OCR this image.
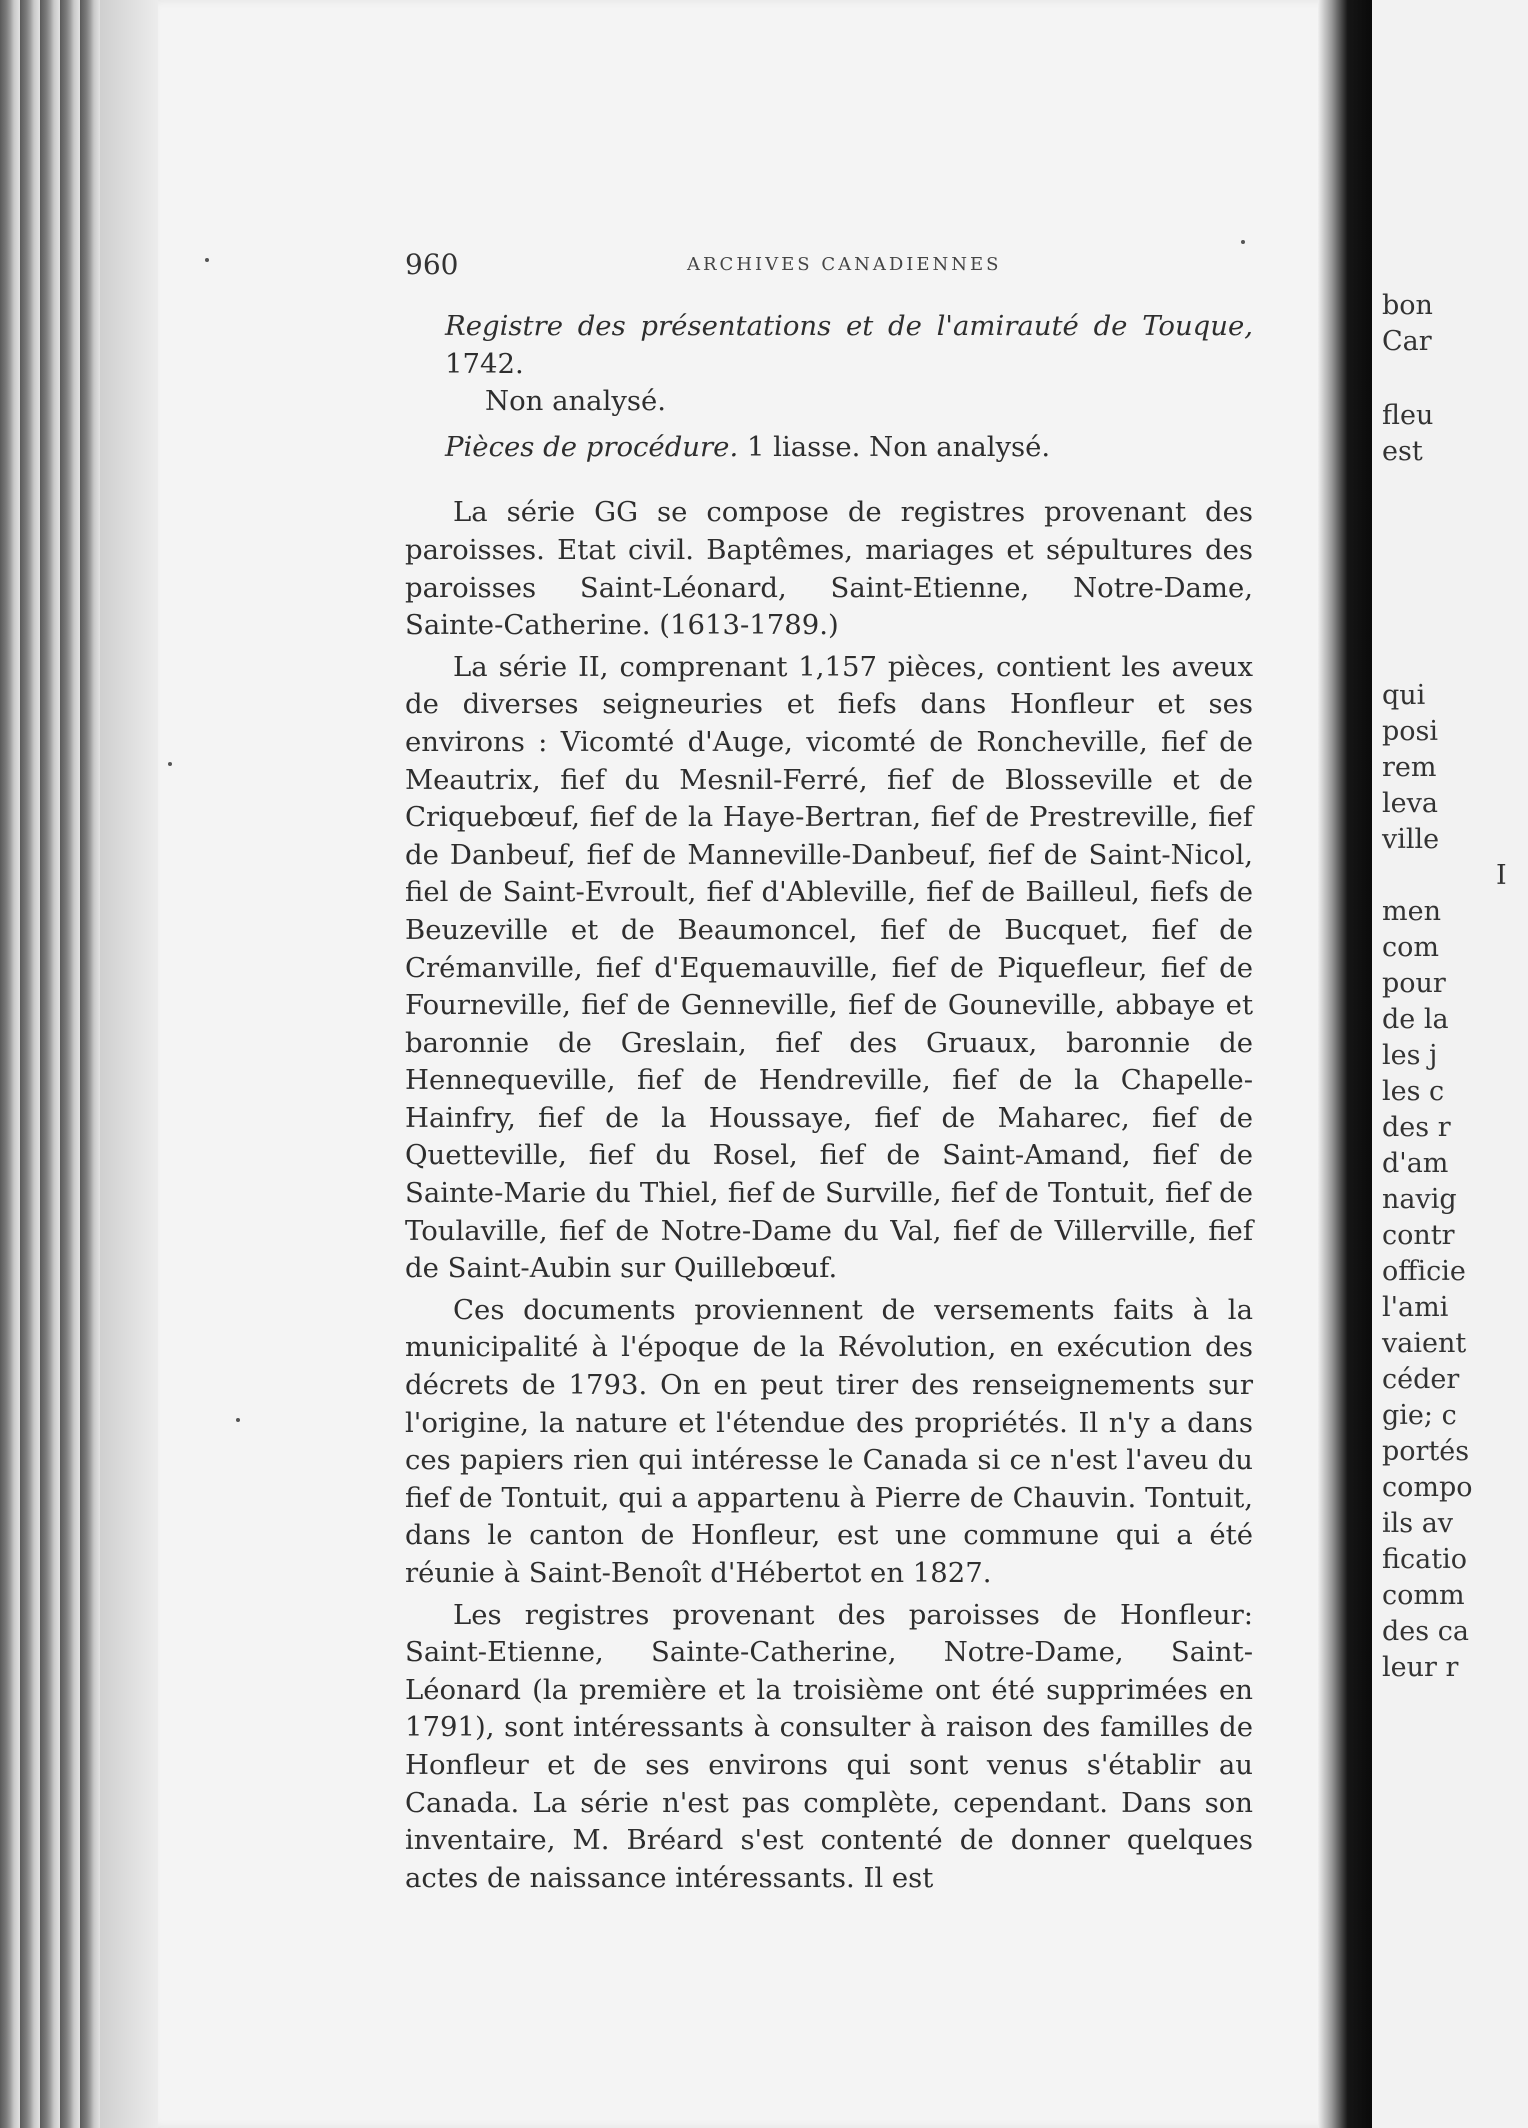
bon
Car
fleu
est
qui
posi
rem
leva
ville
I
men
com
pour
de la
les j
les c
des r
d'am
navig
contr
officie
l'ami
vaient
céder
gie; c
portés
compo
ils av
ficatio
comm
des ca
leur r
960	ARCHIVES CANADIENNES

Registre des présentations et de l'amirauté de Touque, 1742.
Non analysé.

Pièces de procédure. 1 liasse. Non analysé.

La série GG se compose de registres provenant des paroisses. Etat civil. Baptêmes, mariages et sépultures des paroisses Saint-Léonard, Saint-Etienne, Notre-Dame, Sainte-Catherine. (1613-1789.)

La série II, comprenant 1,157 pièces, contient les aveux de diverses seigneuries et fiefs dans Honfleur et ses environs : Vicomté d'Auge, vicomté de Roncheville, fief de Meautrix, fief du Mesnil-Ferré, fief de Blosseville et de Criquebœuf, fief de la Haye-Bertran, fief de Prestreville, fief de Danbeuf, fief de Manneville-Danbeuf, fief de Saint-Nicol, fiel de Saint-Evroult, fief d'Ableville, fief de Bailleul, fiefs de Beuzeville et de Beaumoncel, fief de Bucquet, fief de Crémanville, fief d'Equemauville, fief de Piquefleur, fief de Fourneville, fief de Genneville, fief de Gouneville, abbaye et baronnie de Greslain, fief des Gruaux, baronnie de Hennequeville, fief de Hendreville, fief de la Chapelle-Hainfry, fief de la Houssaye, fief de Maharec, fief de Quetteville, fief du Rosel, fief de Saint-Amand, fief de Sainte-Marie du Thiel, fief de Surville, fief de Tontuit, fief de Toulaville, fief de Notre-Dame du Val, fief de Villerville, fief de Saint-Aubin sur Quillebœuf.

Ces documents proviennent de versements faits à la municipalité à l'époque de la Révolution, en exécution des décrets de 1793. On en peut tirer des renseignements sur l'origine, la nature et l'étendue des propriétés. Il n'y a dans ces papiers rien qui intéresse le Canada si ce n'est l'aveu du fief de Tontuit, qui a appartenu à Pierre de Chauvin. Tontuit, dans le canton de Honfleur, est une commune qui a été réunie à Saint-Benoît d'Hébertot en 1827.

Les registres provenant des paroisses de Honfleur: Saint-Etienne, Sainte-Catherine, Notre-Dame, Saint-Léonard (la première et la troisième ont été supprimées en 1791), sont intéressants à consulter à raison des familles de Honfleur et de ses environs qui sont venus s'établir au Canada. La série n'est pas complète, cependant. Dans son inventaire, M. Bréard s'est contenté de donner quelques actes de naissance intéressants. Il est
